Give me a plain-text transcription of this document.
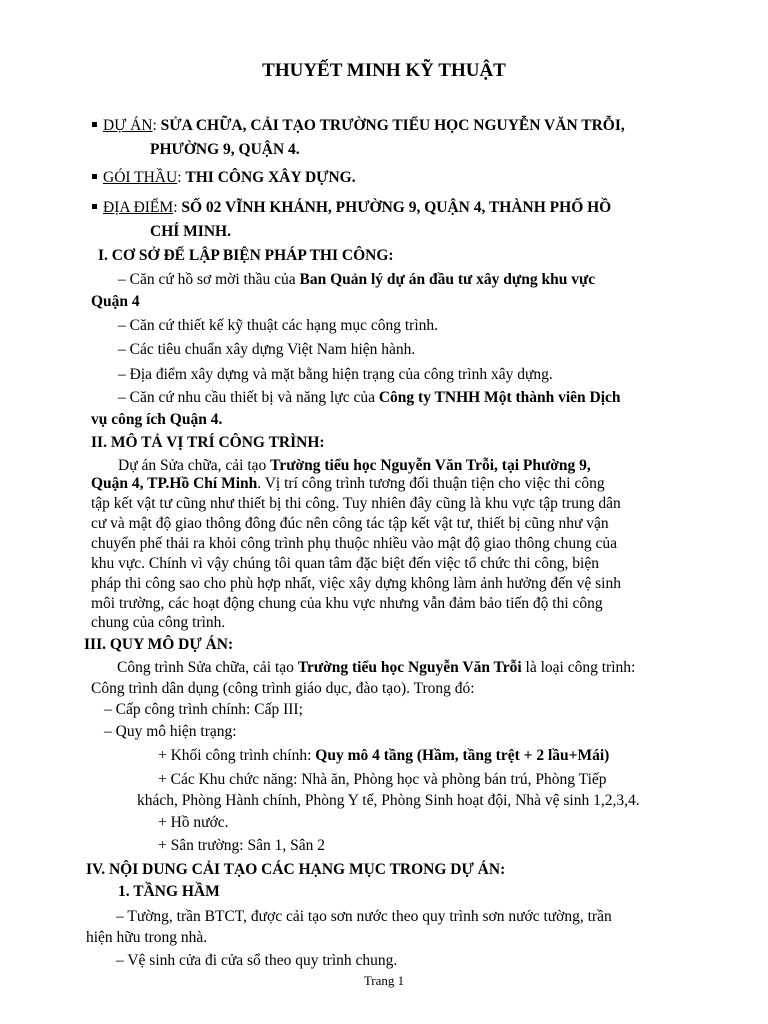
THUYẾT MINH KỸ THUẬT
DỰ ÁN: SỬA CHỮA, CẢI TẠO TRƯỜNG TIỂU HỌC NGUYỄN VĂN TRỖI,
PHƯỜNG 9, QUẬN 4.
GÓI THẦU: THI CÔNG XÂY DỰNG.
ĐỊA ĐIỂM: SỐ 02 VĨNH KHÁNH, PHƯỜNG 9, QUẬN 4, THÀNH PHỐ HỒ
CHÍ MINH.
I. CƠ SỞ ĐỂ LẬP BIỆN PHÁP THI CÔNG:
– Căn cứ hồ sơ mời thầu của Ban Quản lý dự án đầu tư xây dựng khu vực
Quận 4
– Căn cứ thiết kế kỹ thuật các hạng mục công trình.
– Các tiêu chuẩn xây dựng Việt Nam hiện hành.
– Địa điểm xây dựng và mặt bằng hiện trạng của công trình xây dựng.
– Căn cứ nhu cầu thiết bị và năng lực của Công ty TNHH Một thành viên Dịch
vụ công ích Quận 4.
II. MÔ TẢ VỊ TRÍ CÔNG TRÌNH:
Dự án Sửa chữa, cải tạo Trường tiểu học Nguyễn Văn Trỗi, tại Phường 9,
Quận 4, TP.Hồ Chí Minh. Vị trí công trình tương đối thuận tiện cho việc thi công
tập kết vật tư cũng như thiết bị thi công. Tuy nhiên đây cũng là khu vực tập trung dân
cư và mật độ giao thông đông đúc nên công tác tập kết vật tư, thiết bị cũng như vận
chuyển phế thải ra khỏi công trình phụ thuộc nhiều vào mật độ giao thông chung của
khu vực. Chính vì vậy chúng tôi quan tâm đặc biệt đến việc tổ chức thi công, biện
pháp thi công sao cho phù hợp nhất, việc xây dựng không làm ảnh hưởng đến vệ sinh
môi trường, các hoạt động chung của khu vực nhưng vẫn đảm bảo tiến độ thi công
chung của công trình.
III. QUY MÔ DỰ ÁN:
Công trình Sửa chữa, cải tạo Trường tiểu học Nguyễn Văn Trỗi là loại công trình:
Công trình dân dụng (công trình giáo dục, đào tạo). Trong đó:
– Cấp công trình chính: Cấp III;
– Quy mô hiện trạng:
+ Khối công trình chính: Quy mô 4 tầng (Hầm, tầng trệt + 2 lầu+Mái)
+ Các Khu chức năng: Nhà ăn, Phòng học và phòng bán trú, Phòng Tiếp
khách, Phòng Hành chính, Phòng Y tế, Phòng Sinh hoạt đội, Nhà vệ sinh 1,2,3,4.
+ Hồ nước.
+ Sân trường: Sân 1, Sân 2
IV. NỘI DUNG CẢI TẠO CÁC HẠNG MỤC TRONG DỰ ÁN:
1. TẦNG HẦM
– Tường, trần BTCT, được cải tạo sơn nước theo quy trình sơn nước tường, trần
hiện hữu trong nhà.
– Vệ sinh cửa đi cửa sổ theo quy trình chung.
Trang 1
